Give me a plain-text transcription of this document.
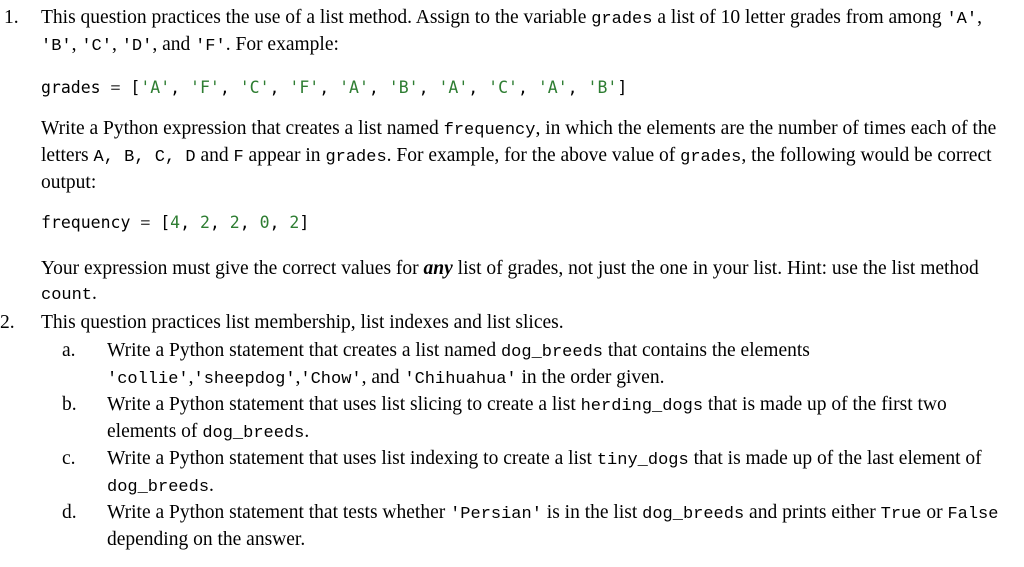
1. This question practices the use of a list method. Assign to the variable grades a list of 10 letter grades from among 'A', 'B', 'C', 'D', and 'F'. For example:
grades = ['A', 'F', 'C', 'F', 'A', 'B', 'A', 'C', 'A', 'B']
Write a Python expression that creates a list named frequency, in which the elements are the number of times each of the letters A, B, C, D and F appear in grades. For example, for the above value of grades, the following would be correct output:
frequency = [4, 2, 2, 0, 2]
Your expression must give the correct values for any list of grades, not just the one in your list. Hint: use the list method count.
2. This question practices list membership, list indexes and list slices.
a. Write a Python statement that creates a list named dog_breeds that contains the elements 'collie','sheepdog','Chow', and 'Chihuahua' in the order given.
b. Write a Python statement that uses list slicing to create a list herding_dogs that is made up of the first two elements of dog_breeds.
c. Write a Python statement that uses list indexing to create a list tiny_dogs that is made up of the last element of dog_breeds.
d. Write a Python statement that tests whether 'Persian' is in the list dog_breeds and prints either True or False depending on the answer.
